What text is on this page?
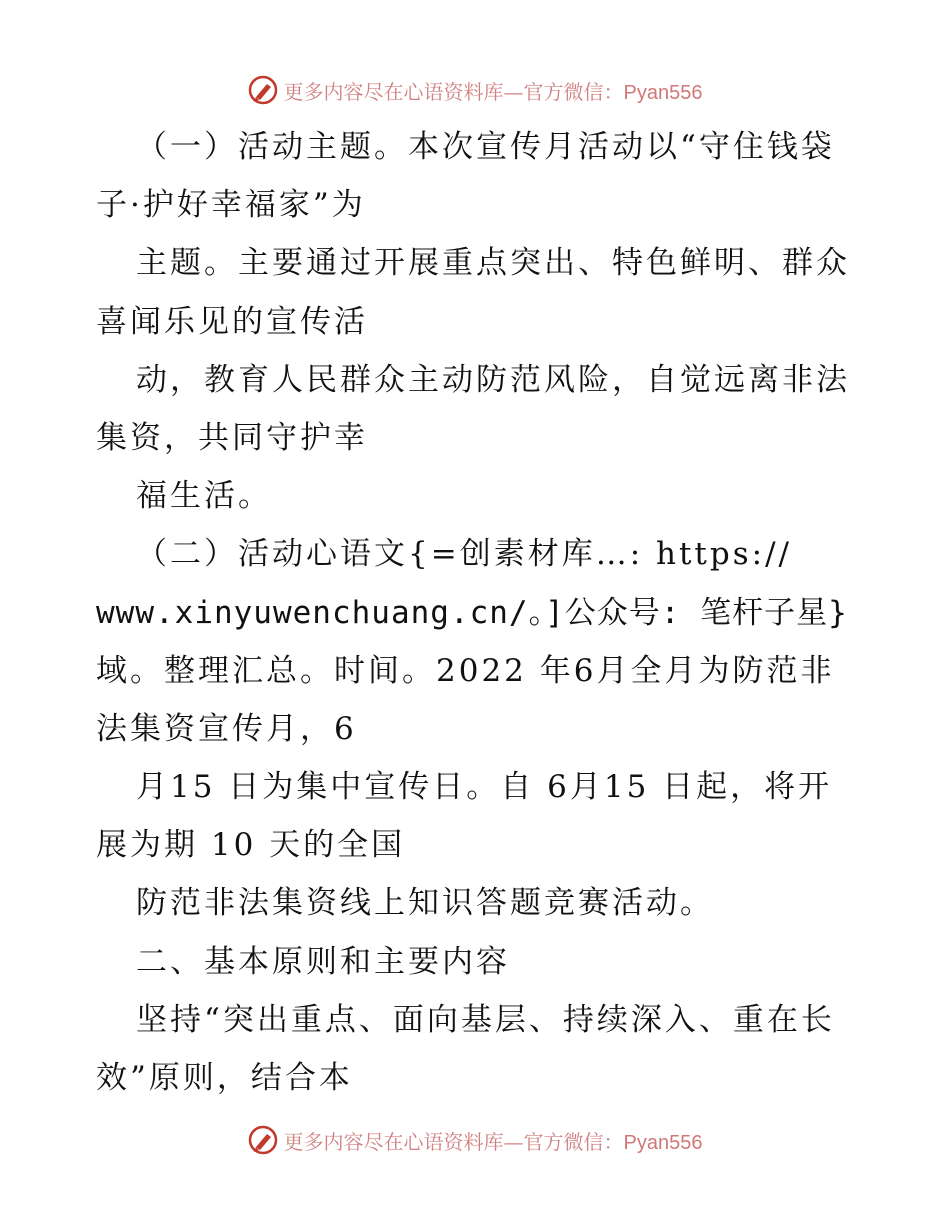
更多内容尽在心语资料库—官方微信：Pyan556
（一）活动主题。本次宣传月活动以“守住钱袋
子·护好幸福家”为
主题。主要通过开展重点突出、特色鲜明、群众
喜闻乐见的宣传活
动，教育人民群众主动防范风险，自觉远离非法
集资，共同守护幸
福生活。
（二）活动心语文{=创素材库…: https://
www.xinyuwenchuang.cn/。]公众号: 笔杆子星}
域。整理汇总。时间。2022 年6月全月为防范非
法集资宣传月，6
月15 日为集中宣传日。自 6月15 日起，将开
展为期 10 天的全国
防范非法集资线上知识答题竞赛活动。
二、基本原则和主要内容
坚持“突出重点、面向基层、持续深入、重在长
效”原则，结合本
更多内容尽在心语资料库—官方微信：Pyan556
